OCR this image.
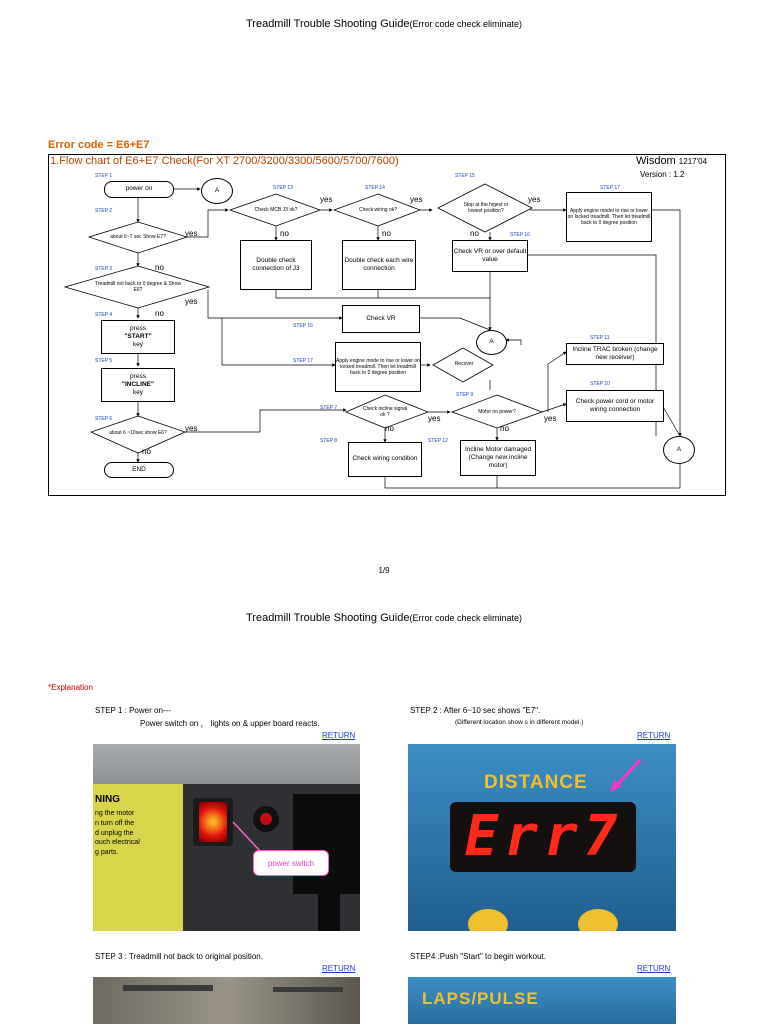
Treadmill Trouble Shooting Guide(Error code check eliminate)
Error code = E6+E7
1.Flow chart of E6+E7 Check(For XT 2700/3200/3300/5600/5700/7600)	Wisdom 1217'04
Version : 1.2
STEP 1
STEP 2
STEP 3
STEP 4
STEP 5
STEP 6
STEP 13	STEP 14
STEP 15
STEP 17
STEP 16
STEP 16
STEP 17
STEP 7
STEP 8
STEP 9
STEP 12
STEP 11
STEP 10
power on
END
A
A
A
about 6~7 sec Show E7?
Treadmill not back to 0 degree & Show E6?
about 6 ~10sec show E6?
Check MCB J3 ok?	Check wiring ok?
Stop at the higest or lowest position?
Recover
Check incline signal ok ?	Motor no power?
press
"START"
key
press
"INCLINE"
key
Double check connection of J3
Double check each wire connection
Check VR or over default value
Apply engine model to rise or lower on locked treadmill. Then let treadmill back to 0 degree position
Check VR
Apply engine mode to rise or lower on locked treadmill. Then let treadmill back to 0 degree position
Incline TRAC broken (change new receiver)
Check power cord or motor wiring connection
Check wiring condition
Incline Motor damaged (Change new incline motor)
yes
no
yes
no
yes
no
yes
no
yes
no
yes
no
yes
no
yes
no
1/9
Treadmill Trouble Shooting Guide(Error code check eliminate)
*Explanation
STEP 1 : Power on---
Power switch on ， lights on & upper board reacts.
RETURN
STEP 2 : After 6~10 sec shows "E7".
(Different location show s in different model.)
RETURN
NING
ng the motor
n turn off the
d unplug the
ouch electrical
g parts.
power switch
DISTANCE
Err7
STEP 3 : Treadmill not back to original position.
RETURN
STEP4 :Push "Start" to begin workout.
RETURN
LAPS/PULSE
